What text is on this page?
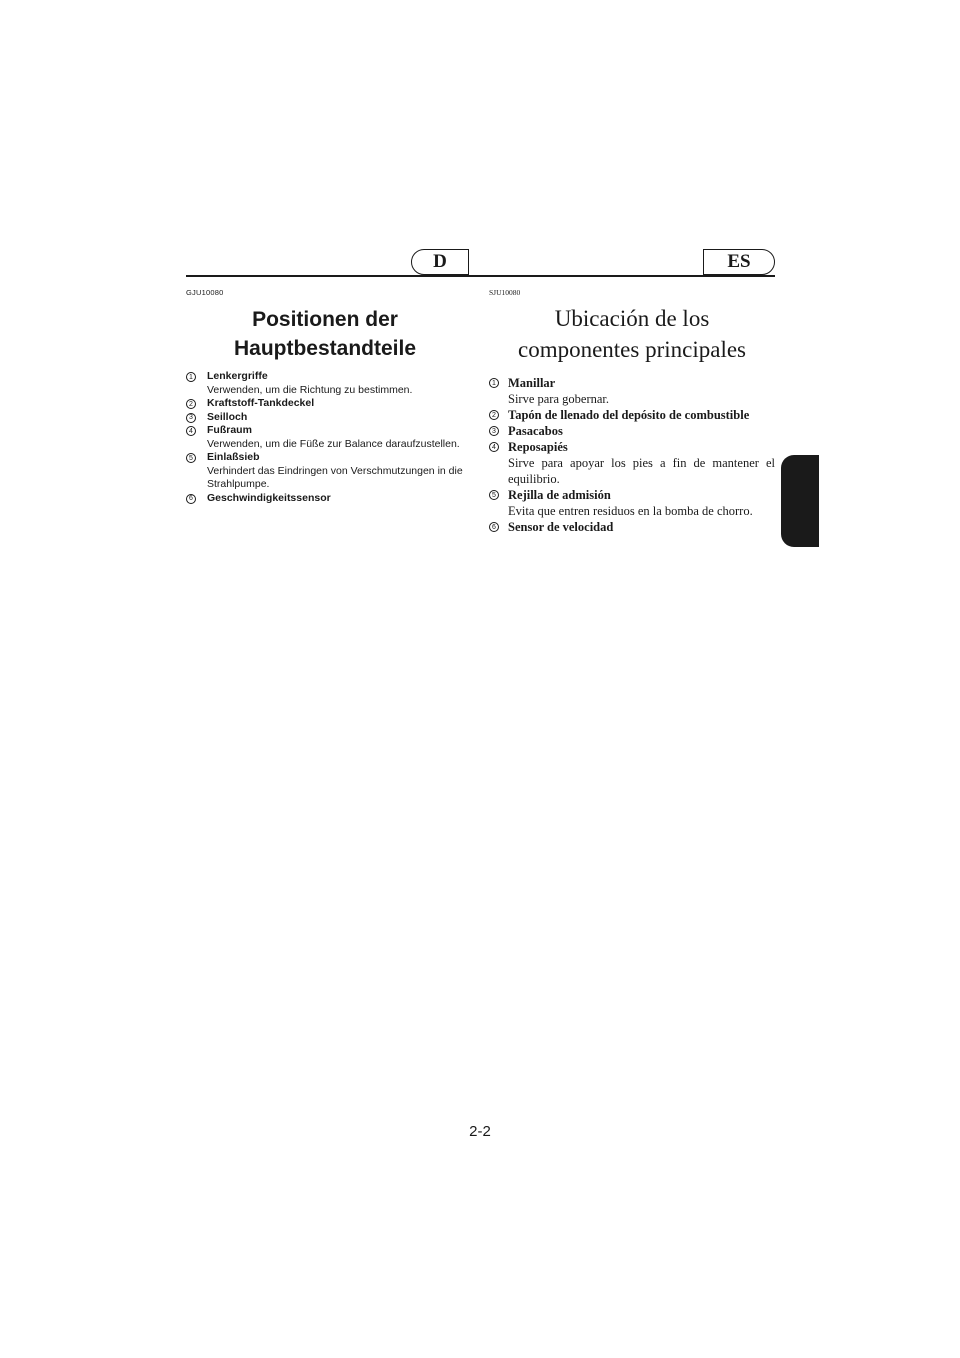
D	ES
GJU10080
Positionen der
Hauptbestandteile
1 Lenkergriffe
Verwenden, um die Richtung zu bestimmen.
2 Kraftstoff-Tankdeckel
3 Seilloch
4 Fußraum
Verwenden, um die Füße zur Balance daraufzustellen.
5 Einlaßsieb
Verhindert das Eindringen von Verschmutzungen in die Strahlpumpe.
6 Geschwindigkeitssensor
SJU10080
Ubicación de los
componentes principales
1 Manillar
Sirve para gobernar.
2 Tapón de llenado del depósito de combustible
3 Pasacabos
4 Reposapiés
Sirve para apoyar los pies a fin de mantener el equilibrio.
5 Rejilla de admisión
Evita que entren residuos en la bomba de chorro.
6 Sensor de velocidad
2-2
